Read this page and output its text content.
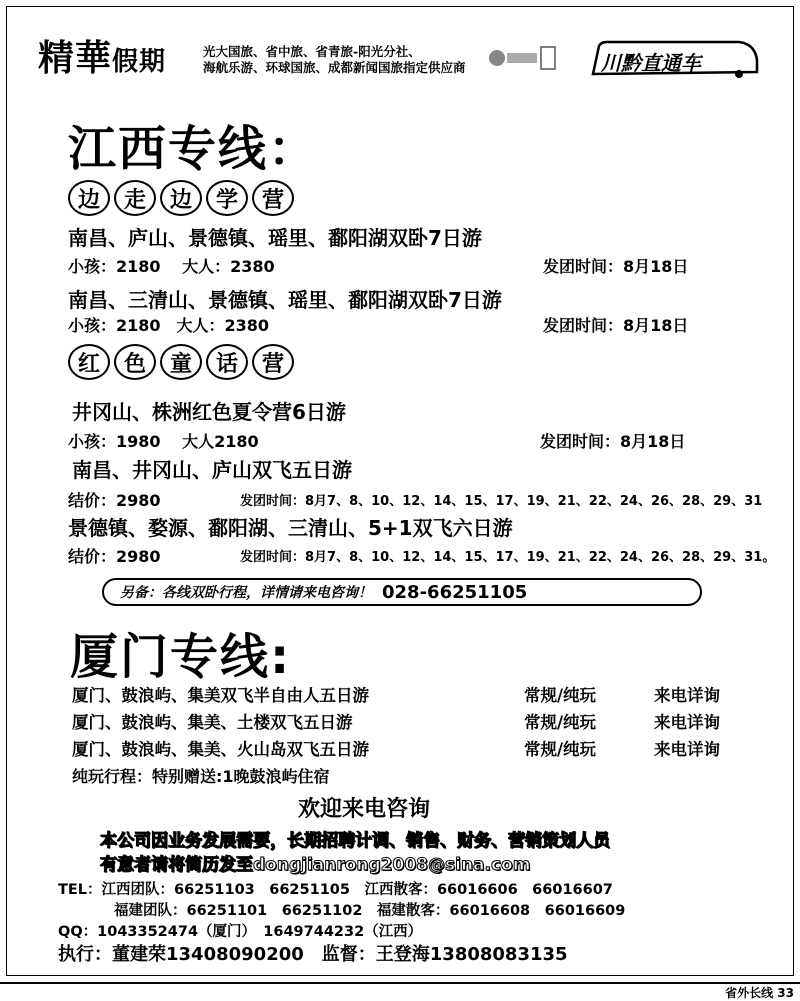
精華假期	光大国旅、省中旅、省青旅-阳光分社、
海航乐游、环球国旅、成都新闻国旅指定供应商	川黔直通车
江西专线：
边	走	边	学	营
南昌、庐山、景德镇、瑶里、鄱阳湖双卧7日游
小孩：2180　 大人：2380	发团时间：8月18日
南昌、三清山、景德镇、瑶里、鄱阳湖双卧7日游
小孩：2180　大人：2380	发团时间：8月18日
红	色	童	话	营
井冈山、株洲红色夏令营6日游
小孩：1980　 大人2180	发团时间：8月18日
南昌、井冈山、庐山双飞五日游
结价：2980	发团时间：8月7、8、10、12、14、15、17、19、21、22、24、26、28、29、31
景德镇、婺源、鄱阳湖、三清山、5+1双飞六日游
结价：2980	发团时间：8月7、8、10、12、14、15、17、19、21、22、24、26、28、29、31。
另备：各线双卧行程，详情请来电咨询！ 028-66251105
厦门专线:
厦门、鼓浪屿、集美双飞半自由人五日游	常规/纯玩	来电详询
厦门、鼓浪屿、集美、土楼双飞五日游	常规/纯玩	来电详询
厦门、鼓浪屿、集美、火山岛双飞五日游	常规/纯玩	来电详询
纯玩行程：特别赠送:1晚鼓浪屿住宿
欢迎来电咨询
本公司因业务发展需要，长期招聘计调、销售、财务、营销策划人员
有意者请将简历发至dongjianrong2008@sina.com
TEL：江西团队：66251103　66251105　江西散客：66016606　66016607
福建团队：66251101　66251102　福建散客：66016608　66016609
QQ：1043352474（厦门）　1649744232（江西）
执行：董建荣13408090200　监督：王登海13808083135
省外长线 33
